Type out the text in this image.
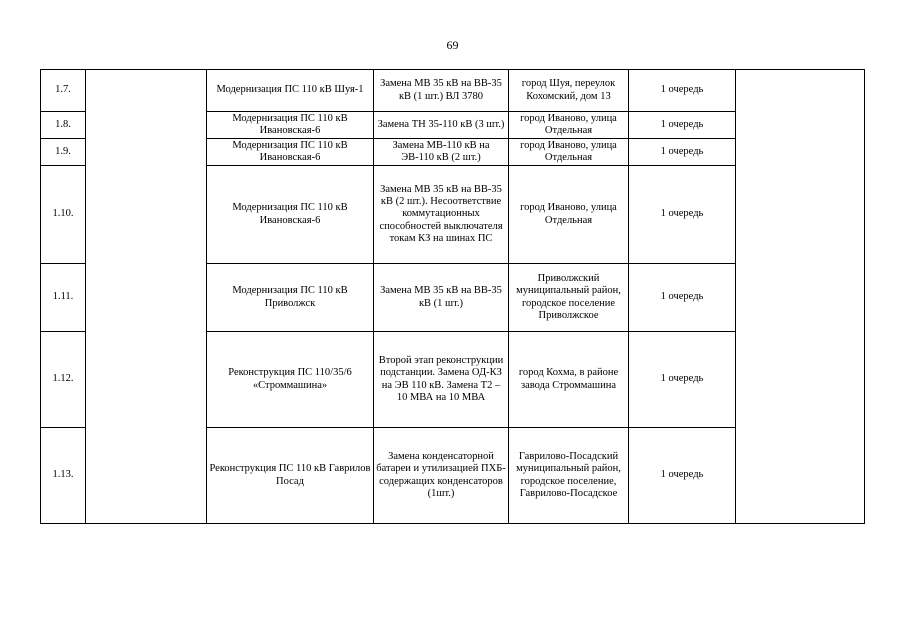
69
1.7.		Модернизация ПС 110 кВ Шуя-1	Замена МВ 35 кВ на ВВ-35 кВ (1 шт.) ВЛ 3780	город Шуя, переулок Кохомский, дом 13	1 очередь	
1.8.		Модернизация ПС 110 кВ Ивановская-6	Замена ТН 35-110 кВ (3 шт.)	город Иваново, улица Отдельная	1 очередь	
1.9.		Модернизация ПС 110 кВ Ивановская-6	Замена МВ-110 кВ на ЭВ-110 кВ (2 шт.)	город Иваново, улица Отдельная	1 очередь	
1.10.		Модернизация ПС 110 кВ Ивановская-6	Замена МВ 35 кВ на ВВ-35 кВ (2 шт.). Несоответствие коммутационных способностей выключателя токам КЗ на шинах ПС	город Иваново, улица Отдельная	1 очередь	
1.11.		Модернизация ПС 110 кВ Приволжск	Замена МВ 35 кВ на ВВ-35 кВ (1 шт.)	Приволжский муниципальный район, городское поселение Приволжское	1 очередь	
1.12.		Реконструкция ПС 110/35/6 «Строммашина»	Второй этап реконструкции подстанции. Замена ОД-КЗ на ЭВ 110 кВ. Замена Т2 – 10 МВА на 10 МВА	город Кохма, в районе завода Строммашина	1 очередь	
1.13.		Реконструкция ПС 110 кВ Гаврилов Посад	Замена конденсаторной батареи и утилизацией ПХБ-содержащих конденсаторов (1шт.)	Гаврилово-Посадский муниципальный район, городское поселение, Гаврилово-Посадское	1 очередь	
